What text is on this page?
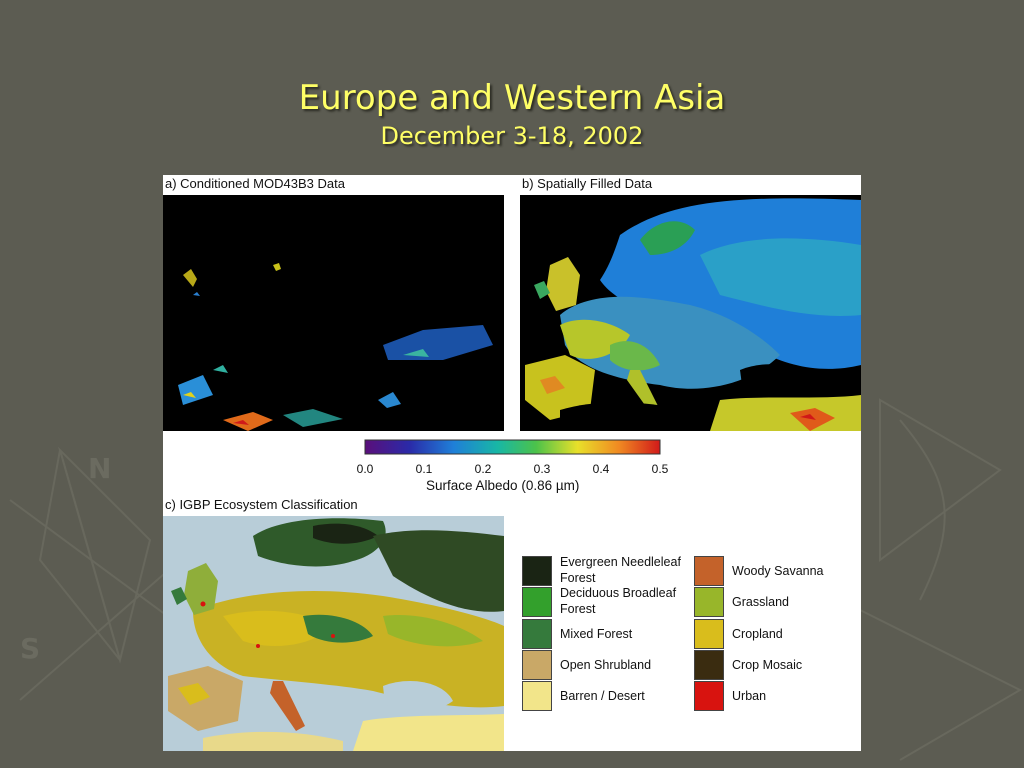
S
N
Europe and Western Asia
December 3-18, 2002
a) Conditioned MOD43B3 Data	b) Spatially Filled Data
0.0	0.1	0.2	0.3	0.4	0.5
Surface Albedo (0.86 µm)
c) IGBP Ecosystem Classification
Evergreen Needleleaf
Forest
Deciduous Broadleaf
Forest
Mixed Forest
Open Shrubland
Barren / Desert
Woody Savanna
Grassland
Cropland
Crop Mosaic
Urban
